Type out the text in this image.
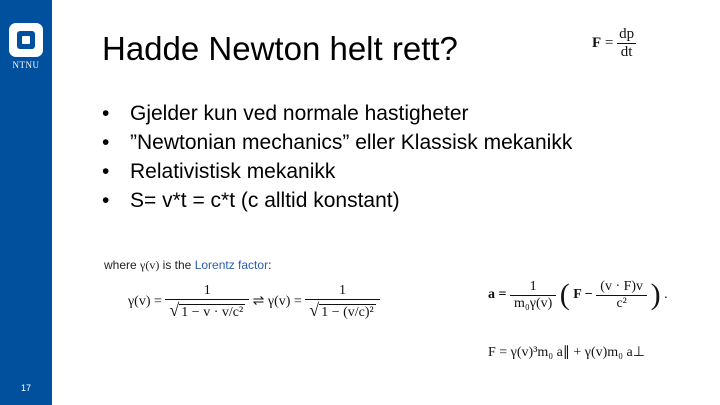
NTNU
17
Hadde Newton helt rett?	$F = \frac{dp}{dt}$
• Gjelder kun ved normale hastigheter
• ”Newtonian mechanics” eller Klassisk mekanikk
• Relativistisk mekanikk
• S= v*t = c*t (c alltid konstant)
where γ(v) is the Lorentz factor:
$\gamma(v) = \frac{1}{\text{√ 1 − v · v/c²}}$ ⇌ $\gamma(v) = \frac{1}{\text{√ 1 − (v/c)²}}$	$a = \frac{1}{\text{m₀γ(v)}}$ ( $F - \frac{(v \cdot F)v}{\text{c²}}$ ) .
F = γ(v)³m₀ a∥ + γ(v)m₀ a⊥
